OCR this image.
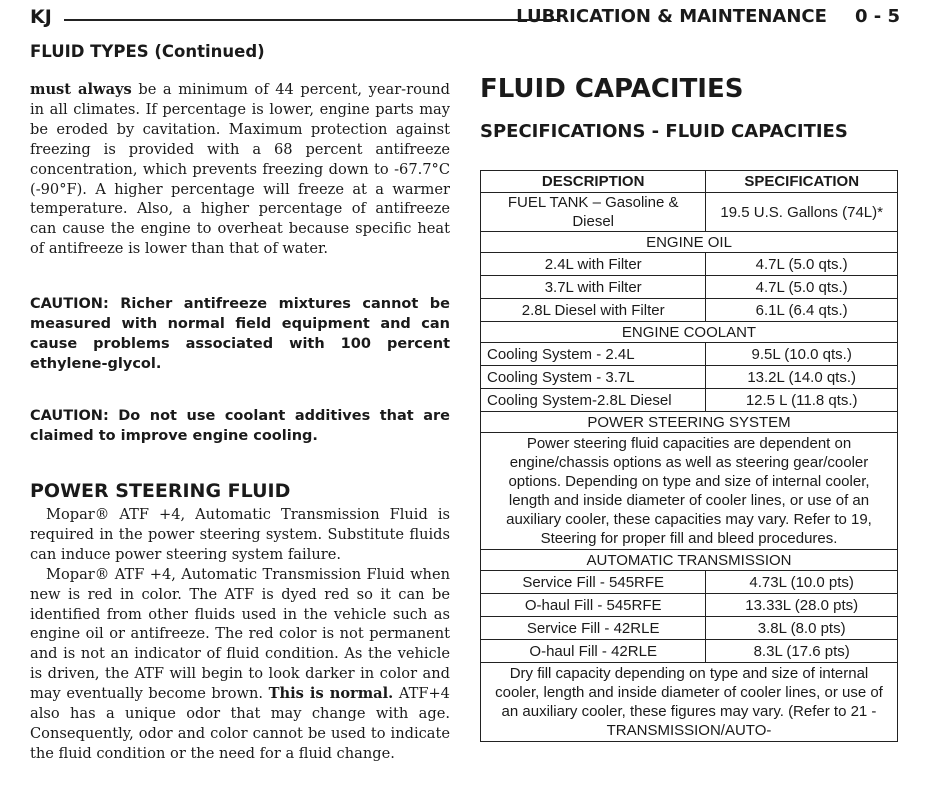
KJ	LUBRICATION & MAINTENANCE 0 - 5
FLUID TYPES (Continued)

must always be a minimum of 44 percent, year-round in all climates. If percentage is lower, engine parts may be eroded by cavitation. Maximum protection against freezing is provided with a 68 percent antifreeze concentration, which prevents freezing down to -67.7°C (-90°F). A higher percentage will freeze at a warmer temperature. Also, a higher percentage of antifreeze can cause the engine to overheat because specific heat of antifreeze is lower than that of water.

CAUTION: Richer antifreeze mixtures cannot be measured with normal field equipment and can cause problems associated with 100 percent ethylene-glycol.

CAUTION: Do not use coolant additives that are claimed to improve engine cooling.

POWER STEERING FLUID

Mopar® ATF +4, Automatic Transmission Fluid is required in the power steering system. Substitute fluids can induce power steering system failure.

Mopar® ATF +4, Automatic Transmission Fluid when new is red in color. The ATF is dyed red so it can be identified from other fluids used in the vehicle such as engine oil or antifreeze. The red color is not permanent and is not an indicator of fluid condition. As the vehicle is driven, the ATF will begin to look darker in color and may eventually become brown. This is normal. ATF+4 also has a unique odor that may change with age. Consequently, odor and color cannot be used to indicate the fluid condition or the need for a fluid change.

FLUID CAPACITIES
SPECIFICATIONS - FLUID CAPACITIES
DESCRIPTION	SPECIFICATION
FUEL TANK – Gasoline & Diesel	19.5 U.S. Gallons (74L)*
ENGINE OIL	
2.4L with Filter	4.7L (5.0 qts.)
3.7L with Filter	4.7L (5.0 qts.)
2.8L Diesel with Filter	6.1L (6.4 qts.)
ENGINE COOLANT	
Cooling System - 2.4L	9.5L (10.0 qts.)
Cooling System - 3.7L	13.2L (14.0 qts.)
Cooling System-2.8L Diesel	12.5 L (11.8 qts.)
POWER STEERING SYSTEM	
Power steering fluid capacities are dependent on engine/chassis options as well as steering gear/cooler options. Depending on type and size of internal cooler, length and inside diameter of cooler lines, or use of an auxiliary cooler, these capacities may vary. Refer to 19, Steering for proper fill and bleed procedures.	
AUTOMATIC TRANSMISSION	
Service Fill - 545RFE	4.73L (10.0 pts)
O-haul Fill - 545RFE	13.33L (28.0 pts)
Service Fill - 42RLE	3.8L (8.0 pts)
O-haul Fill - 42RLE	8.3L (17.6 pts)
Dry fill capacity depending on type and size of internal cooler, length and inside diameter of cooler lines, or use of an auxiliary cooler, these figures may vary. (Refer to 21 - TRANSMISSION/AUTO-	
